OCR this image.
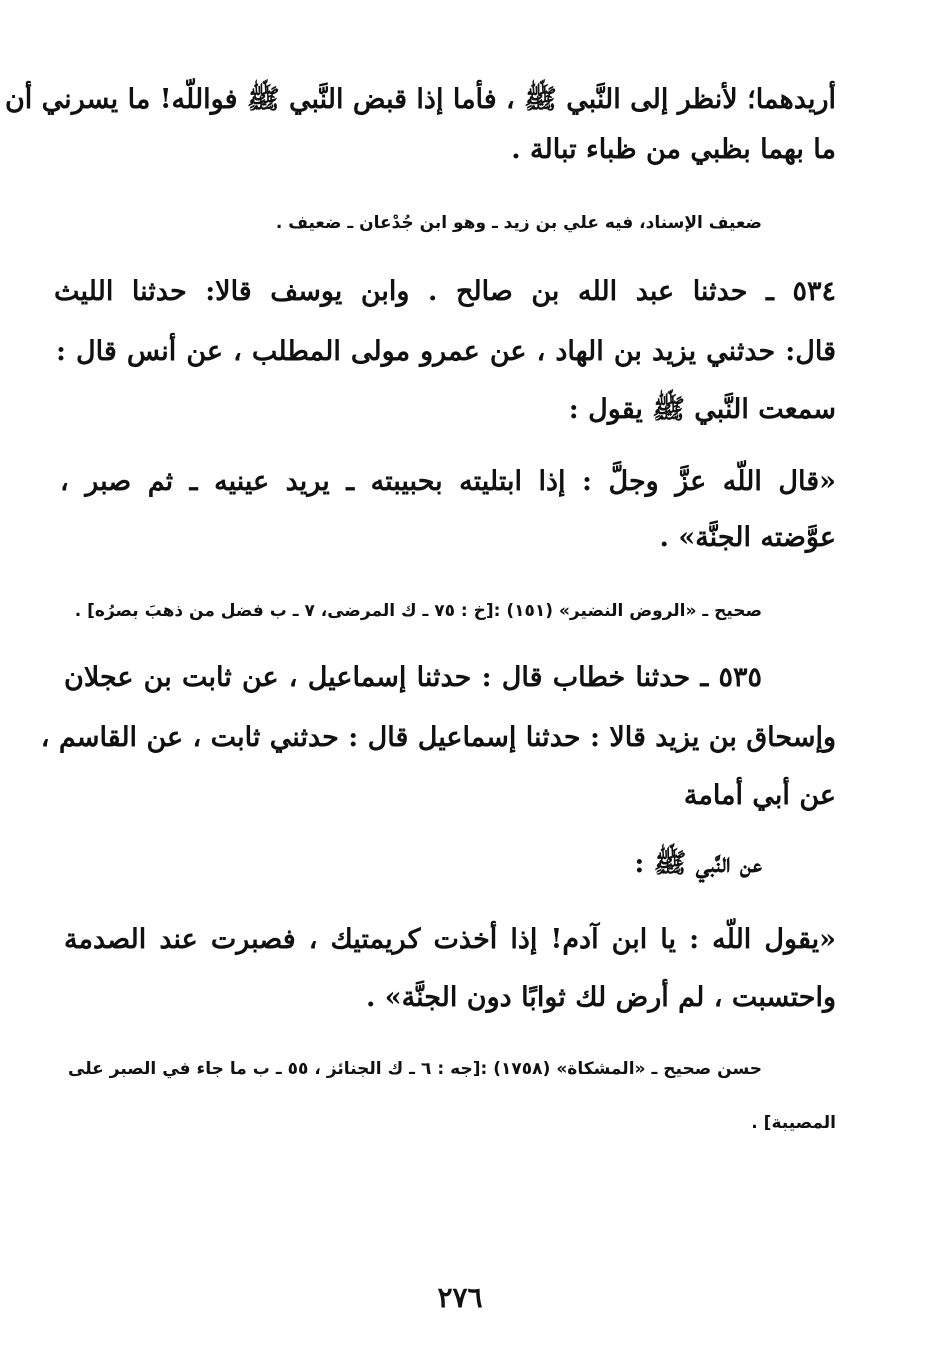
أريدهما؛ لأنظر إلى النَّبي ﷺ ، فأما إذا قبض النَّبي ﷺ فواللّه! ما يسرني أن
ما بهما بظبي من ظباء تبالة .
ضعيف الإسناد، فيه علي بن زيد ـ وهو ابن جُدْعان ـ ضعيف .
٥٣٤ ـ حدثنا عبد الله بن صالح . وابن يوسف قالا: حدثنا الليث
قال: حدثني يزيد بن الهاد ، عن عمرو مولى المطلب ، عن أنس قال :
سمعت النَّبي ﷺ يقول :
«قال اللّه عزَّ وجلَّ : إذا ابتليته بحبيبته ـ يريد عينيه ـ ثم صبر ،
عوَّضته الجنَّة» .
صحيح ـ «الروض النضير» (١٥١) :[خ : ٧٥ ـ ك المرضى، ٧ ـ ب فضل من ذهبَ بصرُه] .
٥٣٥ ـ حدثنا خطاب قال : حدثنا إسماعيل ، عن ثابت بن عجلان
وإسحاق بن يزيد قالا : حدثنا إسماعيل قال : حدثني ثابت ، عن القاسم ،
عن أبي أمامة
عن النَّبي ﷺ :
«يقول اللّه : يا ابن آدم! إذا أخذت كريمتيك ، فصبرت عند الصدمة
واحتسبت ، لم أرض لك ثوابًا دون الجنَّة» .
حسن صحيح ـ «المشكاة» (١٧٥٨) :[جه : ٦ ـ ك الجنائز ، ٥٥ ـ ب ما جاء في الصبر على
المصيبة] .
٢٧٦
